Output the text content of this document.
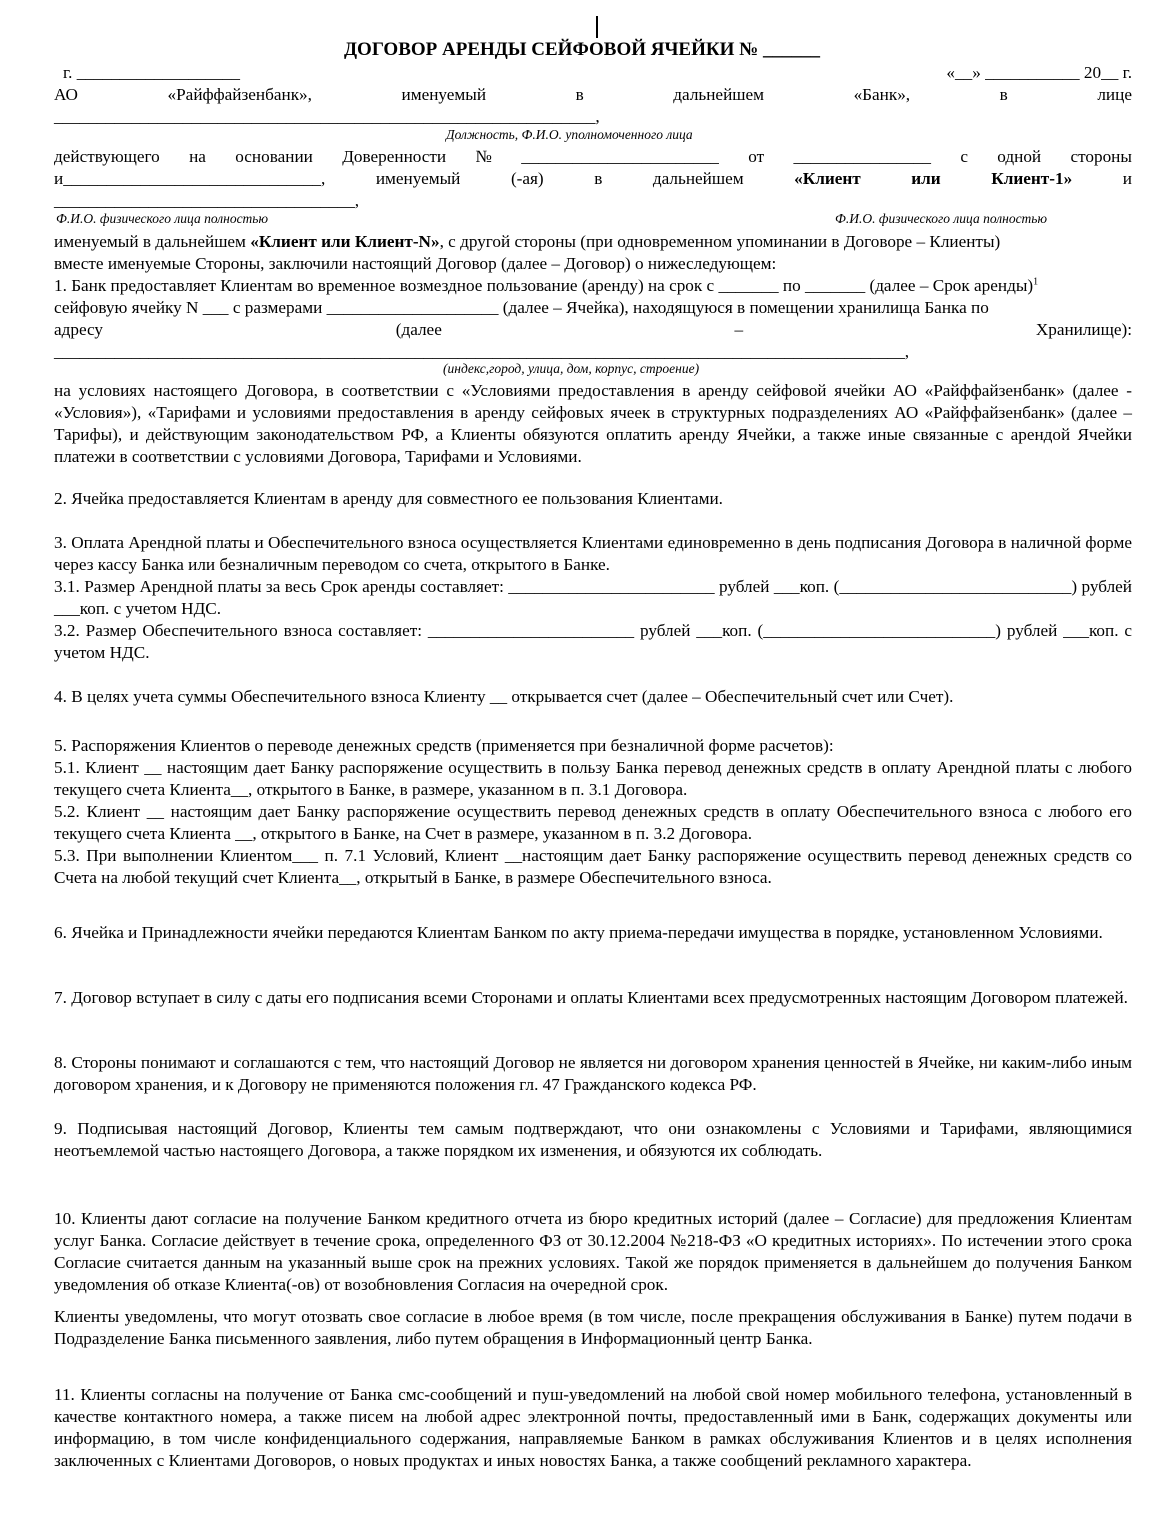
ДОГОВОР АРЕНДЫ СЕЙФОВОЙ ЯЧЕЙКИ № ______
г. ___________________	«__» ___________ 20__ г.
АО	«Райффайзенбанк»,	именуемый	в	дальнейшем	«Банк»,	в	лице
_______________________________________________________________,
Должность, Ф.И.О. уполномоченного лица
действующего на основании Доверенности № _______________________ от ________________ с одной стороны
и______________________________,	именуемый	(-ая)	в	дальнейшем	«Клиент	или	Клиент-1»	и
___________________________________,
Ф.И.О. физического лица полностью	Ф.И.О. физического лица полностью
именуемый в дальнейшем «Клиент или Клиент-N», с другой стороны (при одновременном упоминании в Договоре – Клиенты)
вместе именуемые Стороны, заключили настоящий Договор (далее – Договор) о нижеследующем:
1. Банк предоставляет Клиентам во временное возмездное пользование (аренду) на срок с _______ по _______ (далее – Срок аренды)$^1$
сейфовую ячейку N ___ с размерами ____________________ (далее – Ячейка), находящуюся в помещении хранилища Банка по
адресу	(далее	–	Хранилище):
___________________________________________________________________________________________________,
(индекс,город, улица, дом, корпус, строение)
на условиях настоящего Договора, в соответствии с «Условиями предоставления в аренду сейфовой ячейки АО «Райффайзенбанк» (далее - «Условия»), «Тарифами и условиями предоставления в аренду сейфовых ячеек в структурных подразделениях АО «Райффайзенбанк» (далее – Тарифы), и действующим законодательством РФ, а Клиенты обязуются оплатить аренду Ячейки, а также иные связанные с арендой Ячейки платежи в соответствии с условиями Договора, Тарифами и Условиями.
2. Ячейка предоставляется Клиентам в аренду для совместного ее пользования Клиентами.

3. Оплата Арендной платы и Обеспечительного взноса осуществляется Клиентами единовременно в день подписания Договора в наличной форме через кассу Банка или безналичным переводом со счета, открытого в Банке.

3.1. Размер Арендной платы за весь Срок аренды составляет: ________________________ рублей ___коп. (___________________________) рублей ___коп. с учетом НДС.

3.2. Размер Обеспечительного взноса составляет: ________________________ рублей ___коп. (___________________________) рублей ___коп. с учетом НДС.

4. В целях учета суммы Обеспечительного взноса Клиенту __ открывается счет (далее – Обеспечительный счет или Счет).

5. Распоряжения Клиентов о переводе денежных средств (применяется при безналичной форме расчетов):

5.1. Клиент __ настоящим дает Банку распоряжение осуществить в пользу Банка перевод денежных средств в оплату Арендной платы с любого текущего счета Клиента__, открытого в Банке, в размере, указанном в п. 3.1 Договора.

5.2. Клиент __ настоящим дает Банку распоряжение осуществить перевод денежных средств в оплату Обеспечительного взноса с любого его текущего счета Клиента __, открытого в Банке, на Счет в размере, указанном в п. 3.2 Договора.

5.3. При выполнении Клиентом___ п. 7.1 Условий, Клиент __настоящим дает Банку распоряжение осуществить перевод денежных средств со Счета на любой текущий счет Клиента__, открытый в Банке, в размере Обеспечительного взноса.

6. Ячейка и Принадлежности ячейки передаются Клиентам Банком по акту приема-передачи имущества в порядке, установленном Условиями.
7. Договор вступает в силу с даты его подписания всеми Сторонами и оплаты Клиентами всех предусмотренных настоящим Договором платежей.
8. Стороны понимают и соглашаются с тем, что настоящий Договор не является ни договором хранения ценностей в Ячейке, ни каким-либо иным договором хранения, и к Договору не применяются положения гл. 47 Гражданского кодекса РФ.
9. Подписывая настоящий Договор, Клиенты тем самым подтверждают, что они ознакомлены с Условиями и Тарифами, являющимися неотъемлемой частью настоящего Договора, а также порядком их изменения, и обязуются их соблюдать.
10. Клиенты дают согласие на получение Банком кредитного отчета из бюро кредитных историй (далее – Согласие) для предложения Клиентам услуг Банка. Согласие действует в течение срока, определенного ФЗ от 30.12.2004 №218-ФЗ «О кредитных историях». По истечении этого срока Согласие считается данным на указанный выше срок на прежних условиях. Такой же порядок применяется в дальнейшем до получения Банком уведомления об отказе Клиента(-ов) от возобновления Согласия на очередной срок.
Клиенты уведомлены, что могут отозвать свое согласие в любое время (в том числе, после прекращения обслуживания в Банке) путем подачи в Подразделение Банка письменного заявления, либо путем обращения в Информационный центр Банка.
11. Клиенты согласны на получение от Банка смс-сообщений и пуш-уведомлений на любой свой номер мобильного телефона, установленный в качестве контактного номера, а также писем на любой адрес электронной почты, предоставленный ими в Банк, содержащих документы или информацию, в том числе конфиденциального содержания, направляемые Банком в рамках обслуживания Клиентов и в целях исполнения заключенных с Клиентами Договоров, о новых продуктах и иных новостях Банка, а также сообщений рекламного характера.
